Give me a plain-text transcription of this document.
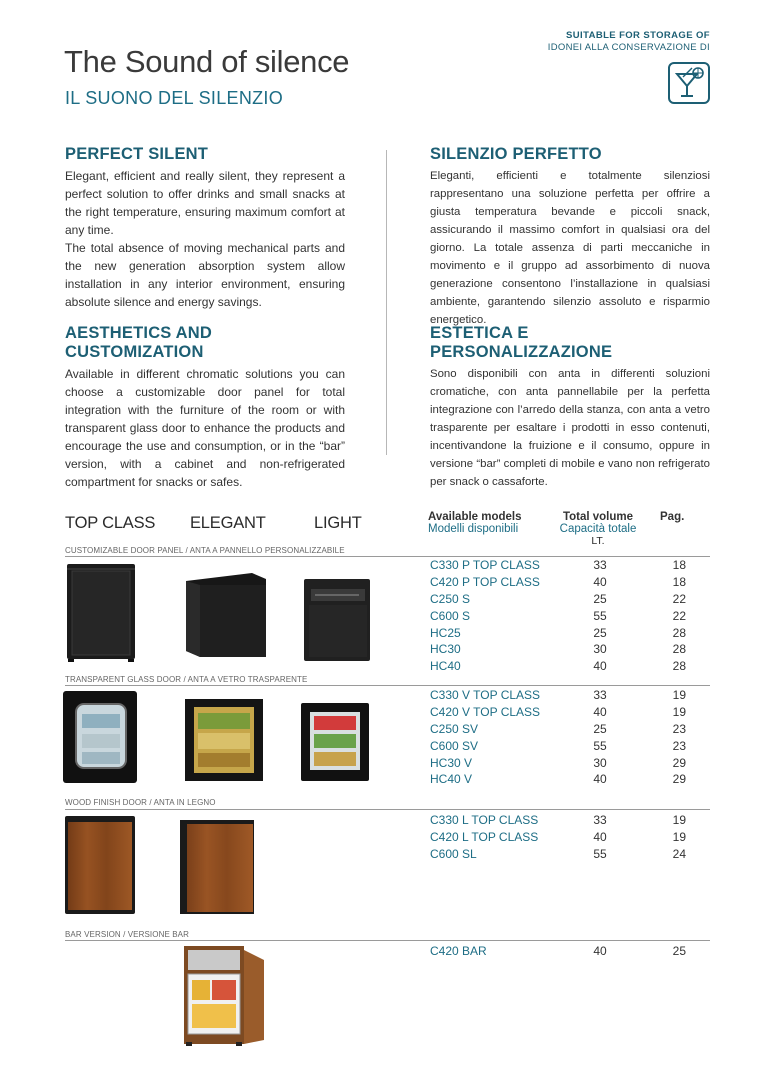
The Sound of silence
IL SUONO DEL SILENZIO
SUITABLE FOR STORAGE OF
IDONEI ALLA CONSERVAZIONE DI
PERFECT SILENT

Elegant, efficient and really silent, they represent a perfect solution to offer drinks and small snacks at the right temperature, ensuring maximum comfort at any time.

The total absence of moving mechanical parts and the new generation absorption system allow installation in any interior environment, ensuring absolute silence and energy savings.

AESTHETICS AND CUSTOMIZATION

Available in different chromatic solutions you can choose a customizable door panel for total integration with the furniture of the room or with transparent glass door to enhance the products and encourage the use and consumption, or in the “bar” version, with a cabinet and non-refrigerated compartment for snacks or safes.

SILENZIO PERFETTO

Eleganti, efficienti e totalmente silenziosi rappresentano una soluzione perfetta per offrire a giusta temperatura bevande e piccoli snack, assicurando il massimo comfort in qualsiasi ora del giorno. La totale assenza di parti meccaniche in movimento e il gruppo ad assorbimento di nuova generazione consentono l’installazione in qualsiasi ambiente, garantendo silenzio assoluto e risparmio energetico.

ESTETICA E PERSONALIZZAZIONE

Sono disponibili con anta in differenti soluzioni cromatiche, con anta pannellabile per la perfetta integrazione con l’arredo della stanza, con anta a vetro trasparente per esaltare i prodotti in esso contenuti, incentivandone la fruizione e il consumo, oppure in versione “bar” completi di mobile e vano non refrigerato per snack o cassaforte.

TOP CLASS ELEGANT	LIGHT	Available models
Modelli disponibili
Total volume
Capacità totale
LT.
Pag.
CUSTOMIZABLE DOOR PANEL / ANTA A PANNELLO PERSONALIZZABILE
C330 P TOP CLASS	33	18
C420 P TOP CLASS	40	18
C250 S	25	22
C600 S	55	22
HC25	25	28
HC30	30	28
HC40	40	28
TRANSPARENT GLASS DOOR / ANTA A VETRO TRASPARENTE
C330 V TOP CLASS	33	19
C420 V TOP CLASS	40	19
C250 SV	25	23
C600 SV	55	23
HC30 V	30	29
HC40 V	40	29
WOOD FINISH DOOR / ANTA IN LEGNO
C330 L TOP CLASS	33	19
C420 L TOP CLASS	40	19
C600 SL	55	24
BAR VERSION / VERSIONE BAR
C420 BAR	40	25
